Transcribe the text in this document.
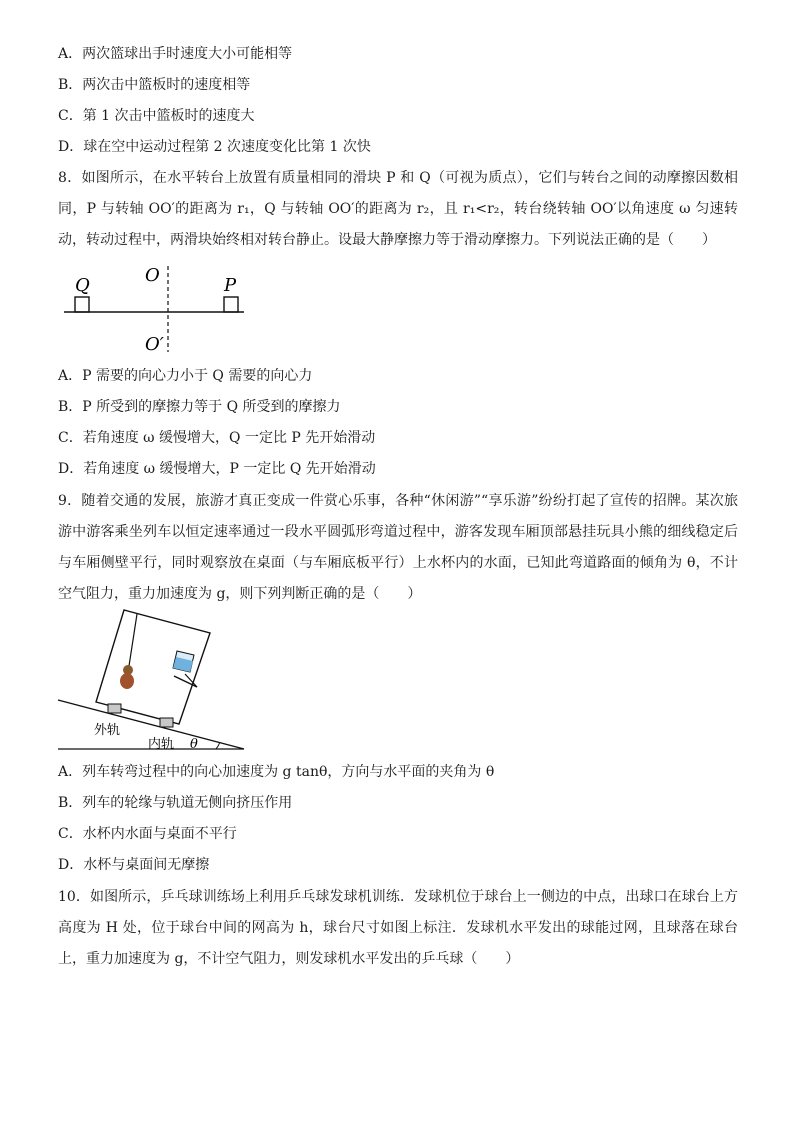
A．两次篮球出手时速度大小可能相等
B．两次击中篮板时的速度相等
C．第 1 次击中篮板时的速度大
D．球在空中运动过程第 2 次速度变化比第 1 次快
8．如图所示，在水平转台上放置有质量相同的滑块 P 和 Q（可视为质点），它们与转台之间的动摩擦因数相同，P 与转轴 OO′的距离为 r₁，Q 与转轴 OO′的距离为 r₂，且 r₁<r₂，转台绕转轴 OO′以角速度 ω 匀速转动，转动过程中，两滑块始终相对转台静止。设最大静摩擦力等于滑动摩擦力。下列说法正确的是（　　）
Q	O	P
O′
A．P 需要的向心力小于 Q 需要的向心力
B．P 所受到的摩擦力等于 Q 所受到的摩擦力
C．若角速度 ω 缓慢增大，Q 一定比 P 先开始滑动
D．若角速度 ω 缓慢增大，P 一定比 Q 先开始滑动
9．随着交通的发展，旅游才真正变成一件赏心乐事，各种“休闲游”“享乐游”纷纷打起了宣传的招牌。某次旅游中游客乘坐列车以恒定速率通过一段水平圆弧形弯道过程中，游客发现车厢顶部悬挂玩具小熊的细线稳定后与车厢侧壁平行，同时观察放在桌面（与车厢底板平行）上水杯内的水面，已知此弯道路面的倾角为 θ，不计空气阻力，重力加速度为 g，则下列判断正确的是（　　）
外轨
内轨 θ
A．列车转弯过程中的向心加速度为 g tanθ，方向与水平面的夹角为 θ
B．列车的轮缘与轨道无侧向挤压作用
C．水杯内水面与桌面不平行
D．水杯与桌面间无摩擦
10．如图所示，乒乓球训练场上利用乒乓球发球机训练．发球机位于球台上一侧边的中点，出球口在球台上方高度为 H 处，位于球台中间的网高为 h，球台尺寸如图上标注．发球机水平发出的球能过网，且球落在球台上，重力加速度为 g，不计空气阻力，则发球机水平发出的乒乓球（　　）
